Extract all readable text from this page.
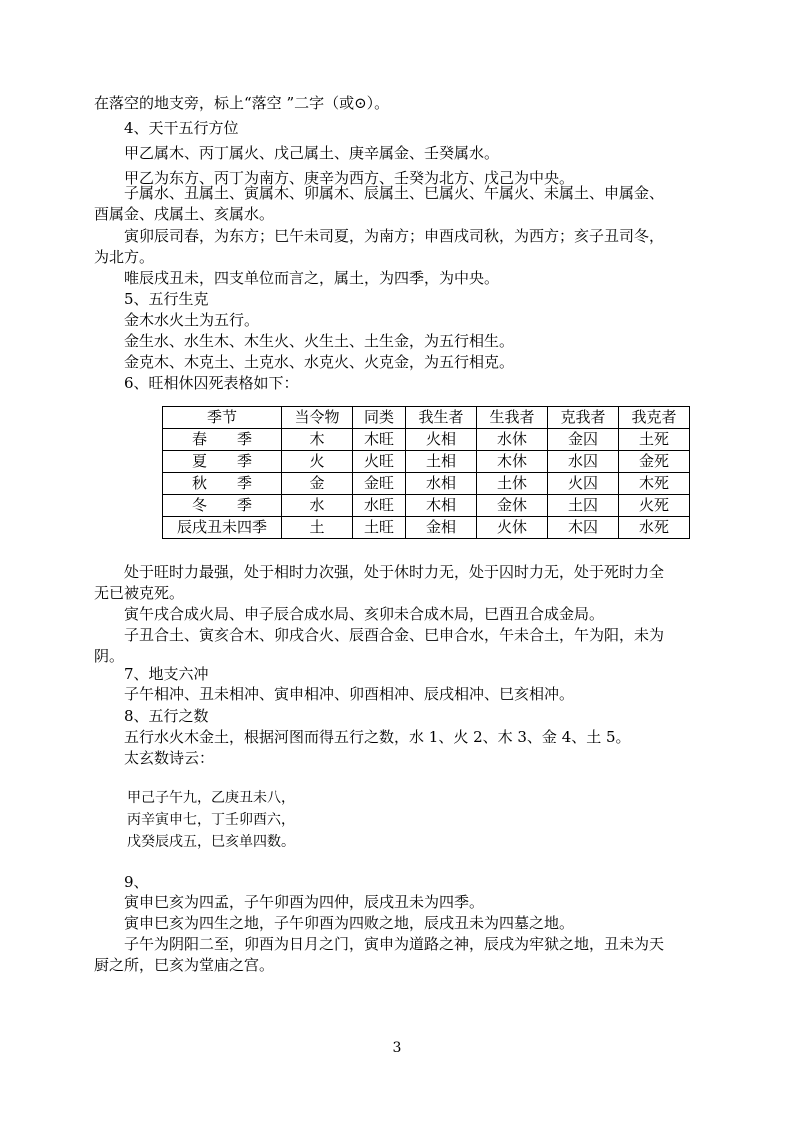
在落空的地支旁，标上“落空 ”二字（或⊙）。
4、天干五行方位
甲乙属木、丙丁属火、戊己属土、庚辛属金、壬癸属水。
甲乙为东方、丙丁为南方、庚辛为西方、壬癸为北方、戊己为中央。
子属水、丑属土、寅属木、卯属木、辰属土、巳属火、午属火、未属土、申属金、
酉属金、戌属土、亥属水。
寅卯辰司春，为东方；巳午未司夏，为南方；申酉戌司秋，为西方；亥子丑司冬，
为北方。
唯辰戌丑未，四支单位而言之，属土，为四季，为中央。
5、五行生克
金木水火土为五行。
金生水、水生木、木生火、火生土、土生金，为五行相生。
金克木、木克土、土克水、水克火、火克金，为五行相克。
6、旺相休囚死表格如下：
季节	当令物	同类	我生者	生我者	克我者	我克者
春　　季	木	木旺	火相	水休	金囚	土死
夏　　季	火	火旺	土相	木休	水囚	金死
秋　　季	金	金旺	水相	土休	火囚	木死
冬　　季	水	水旺	木相	金休	土囚	火死
辰戌丑未四季	土	土旺	金相	火休	木囚	水死
处于旺时力最强，处于相时力次强，处于休时力无，处于囚时力无，处于死时力全
无已被克死。
寅午戌合成火局、申子辰合成水局、亥卯未合成木局，巳酉丑合成金局。
子丑合土、寅亥合木、卯戌合火、辰酉合金、巳申合水，午未合土，午为阳，未为
阴。
7、地支六冲
子午相冲、丑未相冲、寅申相冲、卯酉相冲、辰戌相冲、巳亥相冲。
8、五行之数
五行水火木金土，根据河图而得五行之数，水 1、火 2、木 3、金 4、土 5。
太玄数诗云：
甲己子午九，乙庚丑未八，
丙辛寅申七，丁壬卯酉六，
戊癸辰戌五，巳亥单四数。
9、
寅申巳亥为四孟，子午卯酉为四仲，辰戌丑未为四季。
寅申巳亥为四生之地，子午卯酉为四败之地，辰戌丑未为四墓之地。
子午为阴阳二至，卯酉为日月之门，寅申为道路之神，辰戌为牢狱之地，丑未为天
厨之所，巳亥为堂庙之宫。
3
